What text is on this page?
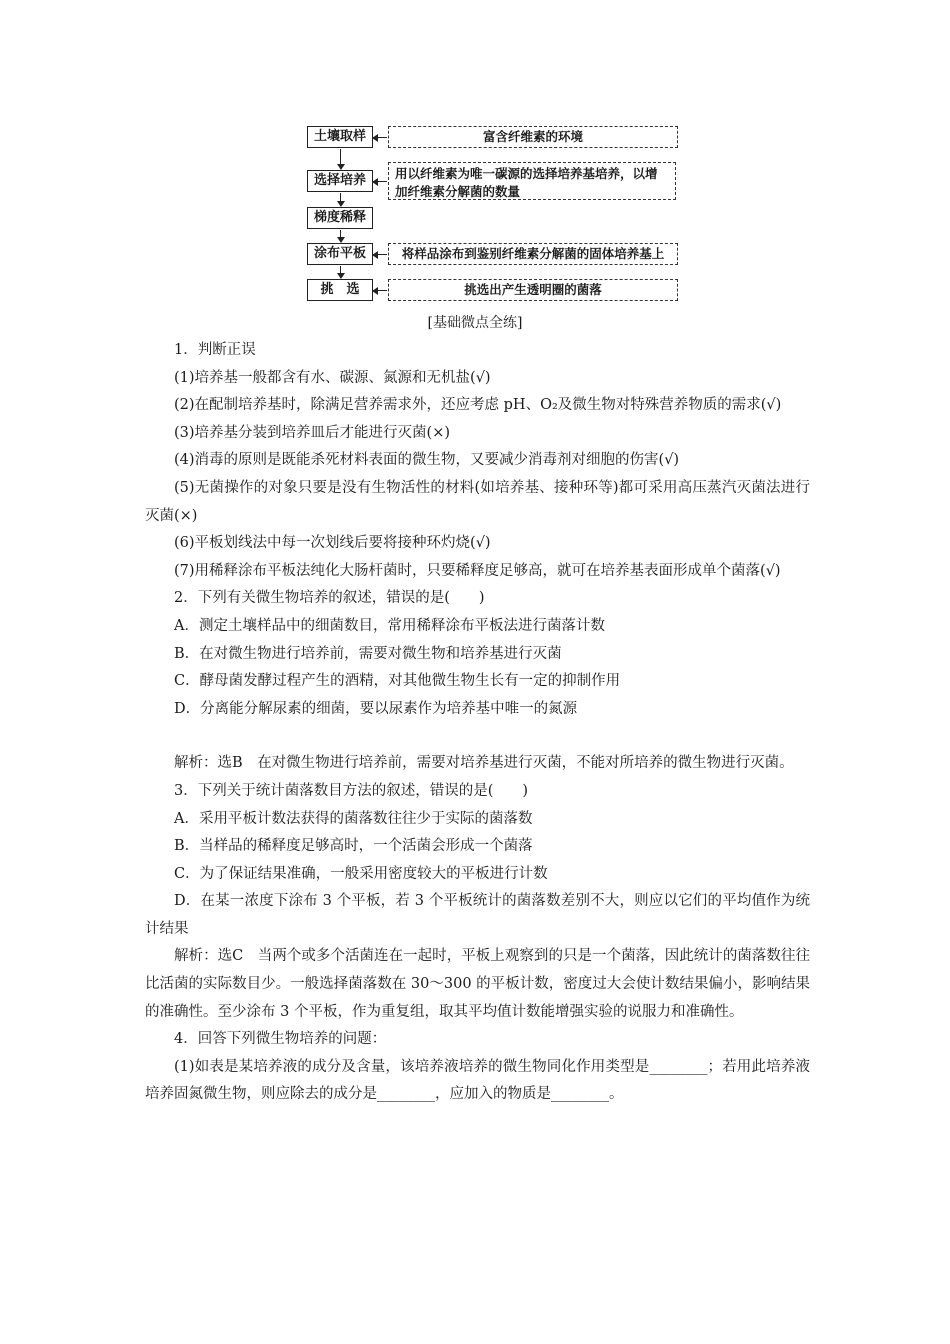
土壤取样
选择培养
梯度稀释
涂布平板
挑　选
富含纤维素的环境
用以纤维素为唯一碳源的选择培养基培养，以增加纤维素分解菌的数量
将样品涂布到鉴别纤维素分解菌的固体培养基上
挑选出产生透明圈的菌落
[基础微点全练]

1．判断正误

(1)培养基一般都含有水、碳源、氮源和无机盐(√)

(2)在配制培养基时，除满足营养需求外，还应考虑 pH、O₂及微生物对特殊营养物质的需求(√)

(3)培养基分装到培养皿后才能进行灭菌(×)

(4)消毒的原则是既能杀死材料表面的微生物，又要减少消毒剂对细胞的伤害(√)

(5)无菌操作的对象只要是没有生物活性的材料(如培养基、接种环等)都可采用高压蒸汽灭菌法进行灭菌(×)

(6)平板划线法中每一次划线后要将接种环灼烧(√)

(7)用稀释涂布平板法纯化大肠杆菌时，只要稀释度足够高，就可在培养基表面形成单个菌落(√)

2．下列有关微生物培养的叙述，错误的是(　　)

A．测定土壤样品中的细菌数目，常用稀释涂布平板法进行菌落计数

B．在对微生物进行培养前，需要对微生物和培养基进行灭菌

C．酵母菌发酵过程产生的酒精，对其他微生物生长有一定的抑制作用

D．分离能分解尿素的细菌，要以尿素作为培养基中唯一的氮源

解析：选B　在对微生物进行培养前，需要对培养基进行灭菌，不能对所培养的微生物进行灭菌。

3．下列关于统计菌落数目方法的叙述，错误的是(　　)

A．采用平板计数法获得的菌落数往往少于实际的菌落数

B．当样品的稀释度足够高时，一个活菌会形成一个菌落

C．为了保证结果准确，一般采用密度较大的平板进行计数

D．在某一浓度下涂布 3 个平板，若 3 个平板统计的菌落数差别不大，则应以它们的平均值作为统计结果

解析：选C　当两个或多个活菌连在一起时，平板上观察到的只是一个菌落，因此统计的菌落数往往比活菌的实际数目少。一般选择菌落数在 30～300 的平板计数，密度过大会使计数结果偏小，影响结果的准确性。至少涂布 3 个平板，作为重复组，取其平均值计数能增强实验的说服力和准确性。

4．回答下列微生物培养的问题：

(1)如表是某培养液的成分及含量，该培养液培养的微生物同化作用类型是________；若用此培养液培养固氮微生物，则应除去的成分是________，应加入的物质是________。
